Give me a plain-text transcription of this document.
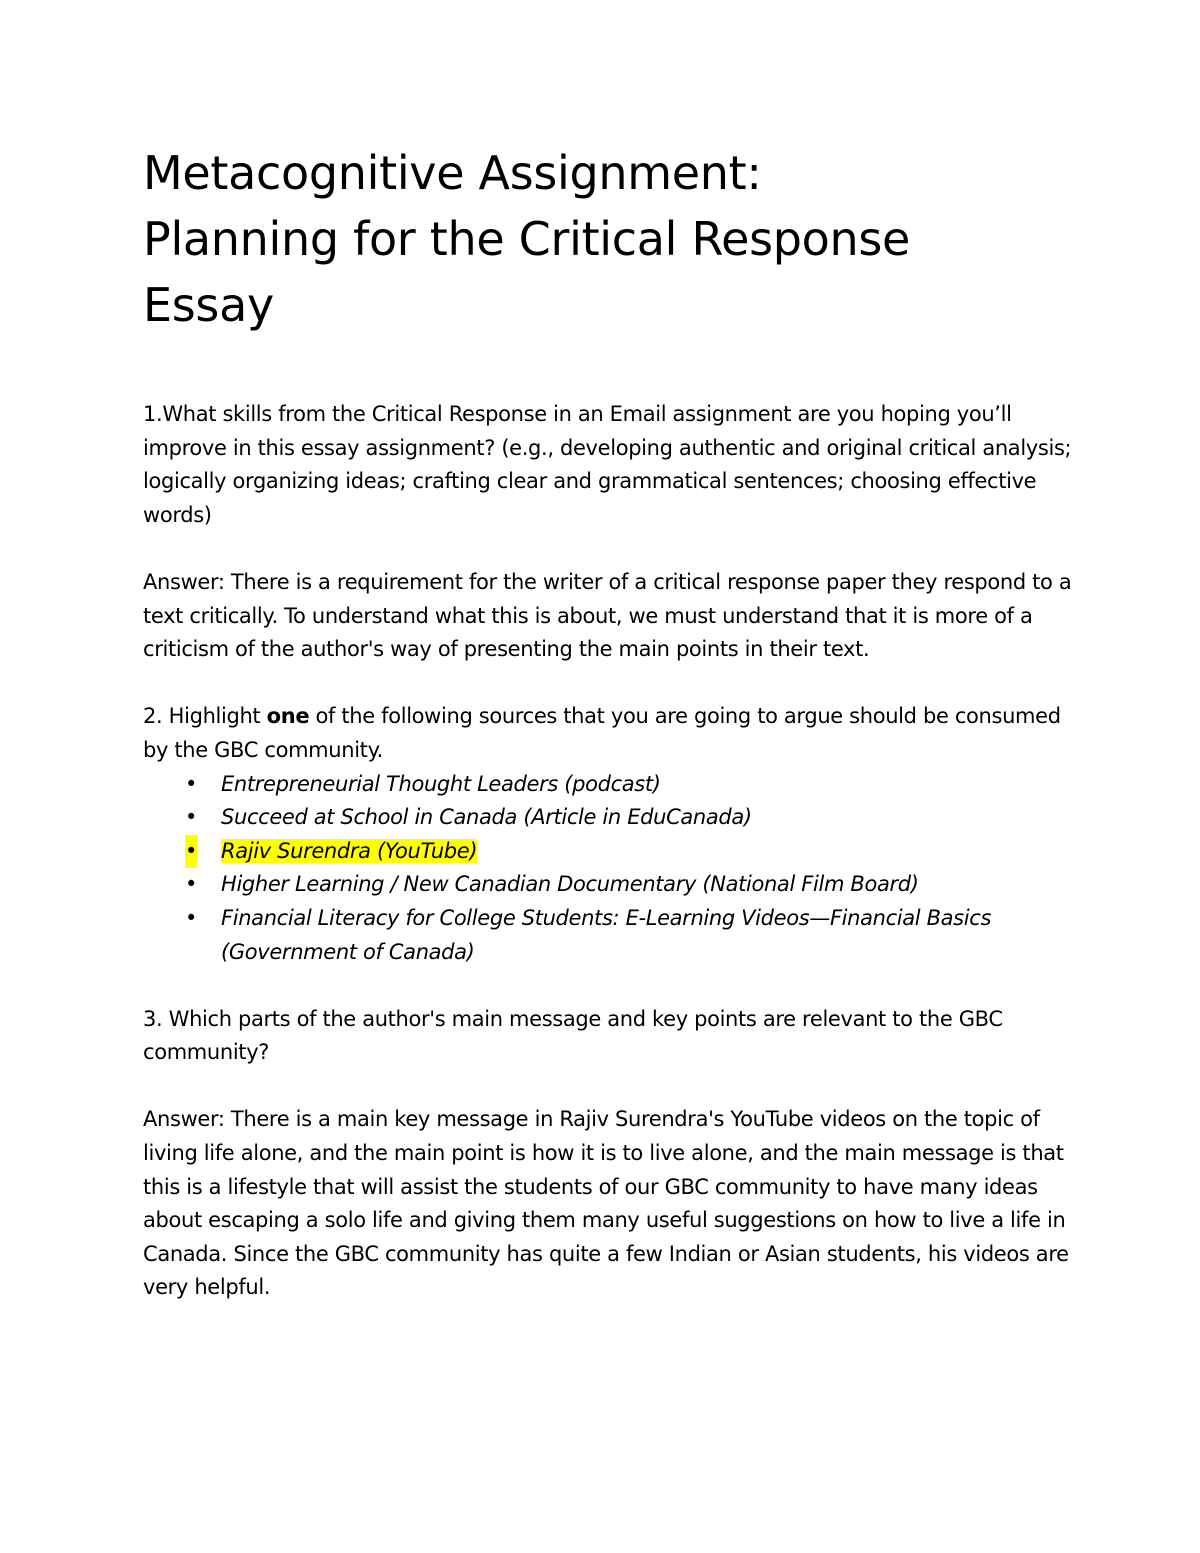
Metacognitive Assignment:
Planning for the Critical Response
Essay

1.What skills from the Critical Response in an Email assignment are you hoping you’ll improve in this essay assignment? (e.g., developing authentic and original critical analysis; logically organizing ideas; crafting clear and grammatical sentences; choosing effective words)

Answer: There is a requirement for the writer of a critical response paper they respond to a text critically. To understand what this is about, we must understand that it is more of a criticism of the author's way of presenting the main points in their text.

2. Highlight one of the following sources that you are going to argue should be consumed by the GBC community.

• Entrepreneurial Thought Leaders (podcast)
• Succeed at School in Canada (Article in EduCanada)
• Rajiv Surendra (YouTube)
• Higher Learning / New Canadian Documentary (National Film Board)
• Financial Literacy for College Students: E-Learning Videos—Financial Basics (Government of Canada)

3. Which parts of the author's main message and key points are relevant to the GBC community?

Answer: There is a main key message in Rajiv Surendra's YouTube videos on the topic of living life alone, and the main point is how it is to live alone, and the main message is that this is a lifestyle that will assist the students of our GBC community to have many ideas about escaping a solo life and giving them many useful suggestions on how to live a life in Canada. Since the GBC community has quite a few Indian or Asian students, his videos are very helpful.
